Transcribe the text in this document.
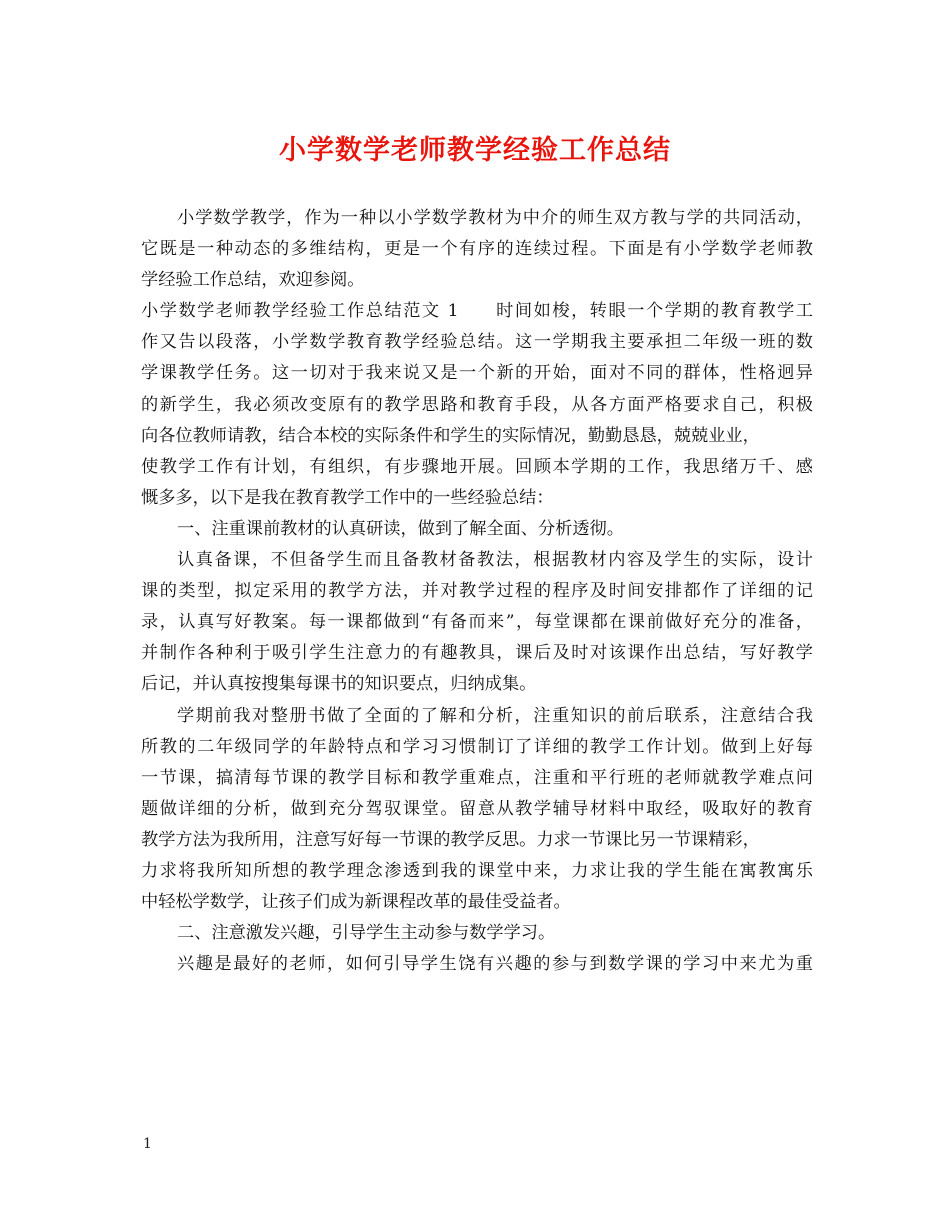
小学数学老师教学经验工作总结
小学数学教学，作为一种以小学数学教材为中介的师生双方教与学的共同活动，
它既是一种动态的多维结构，更是一个有序的连续过程。下面是有小学数学老师教
学经验工作总结，欢迎参阅。
小学数学老师教学经验工作总结范文 1 时间如梭，转眼一个学期的教育教学工
作又告以段落，小学数学教育教学经验总结。这一学期我主要承担二年级一班的数
学课教学任务。这一切对于我来说又是一个新的开始，面对不同的群体，性格迥异
的新学生，我必须改变原有的教学思路和教育手段，从各方面严格要求自己，积极
向各位教师请教，结合本校的实际条件和学生的实际情况，勤勤恳恳，兢兢业业，
使教学工作有计划，有组织，有步骤地开展。回顾本学期的工作，我思绪万千、感
慨多多，以下是我在教育教学工作中的一些经验总结：
一、注重课前教材的认真研读，做到了解全面、分析透彻。
认真备课，不但备学生而且备教材备教法，根据教材内容及学生的实际，设计
课的类型，拟定采用的教学方法，并对教学过程的程序及时间安排都作了详细的记
录，认真写好教案。每一课都做到“有备而来”，每堂课都在课前做好充分的准备，
并制作各种利于吸引学生注意力的有趣教具，课后及时对该课作出总结，写好教学
后记，并认真按搜集每课书的知识要点，归纳成集。
学期前我对整册书做了全面的了解和分析，注重知识的前后联系，注意结合我
所教的二年级同学的年龄特点和学习习惯制订了详细的教学工作计划。做到上好每
一节课，搞清每节课的教学目标和教学重难点，注重和平行班的老师就教学难点问
题做详细的分析，做到充分驾驭课堂。留意从教学辅导材料中取经，吸取好的教育
教学方法为我所用，注意写好每一节课的教学反思。力求一节课比另一节课精彩，
力求将我所知所想的教学理念渗透到我的课堂中来，力求让我的学生能在寓教寓乐
中轻松学数学，让孩子们成为新课程改革的最佳受益者。
二、注意激发兴趣，引导学生主动参与数学学习。
兴趣是最好的老师，如何引导学生饶有兴趣的参与到数学课的学习中来尤为重
1
